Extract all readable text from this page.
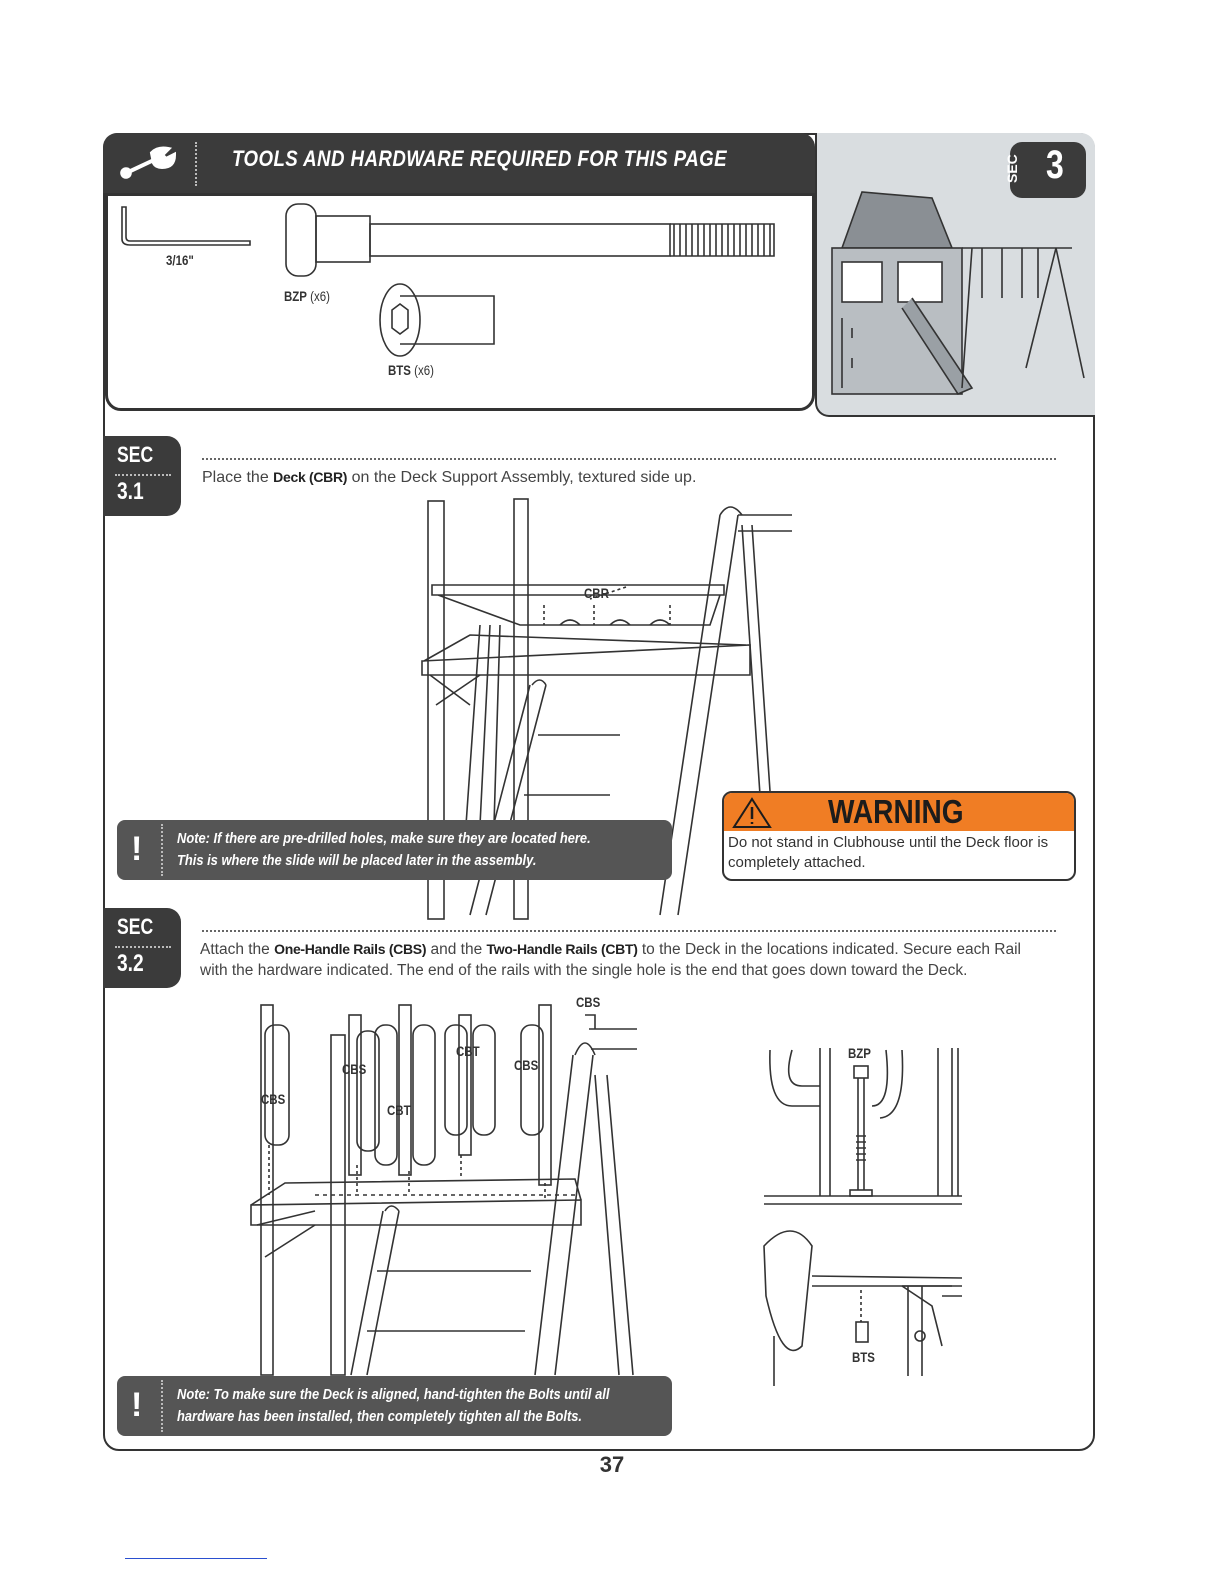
TOOLS AND HARDWARE REQUIRED FOR THIS PAGE
3/16"
BZP (x6)
BTS (x6)
SEC 3
SEC
3.1
Place the Deck (CBR) on the Deck Support Assembly, textured side up.
CBR
! Note: If there are pre-drilled holes, make sure they are located here.
This is where the slide will be placed later in the assembly.
WARNING
Do not stand in Clubhouse until the Deck floor is
completely attached.
SEC
3.2
Attach the One-Handle Rails (CBS) and the Two-Handle Rails (CBT) to the Deck in the locations indicated. Secure each Rail
with the hardware indicated. The end of the rails with the single hole is the end that goes down toward the Deck.
CBS
CBS
CBS
CBT
CBT
CBS
BZP
BTS
! Note: To make sure the Deck is aligned, hand-tighten the Bolts until all
hardware has been installed, then completely tighten all the Bolts.
37
